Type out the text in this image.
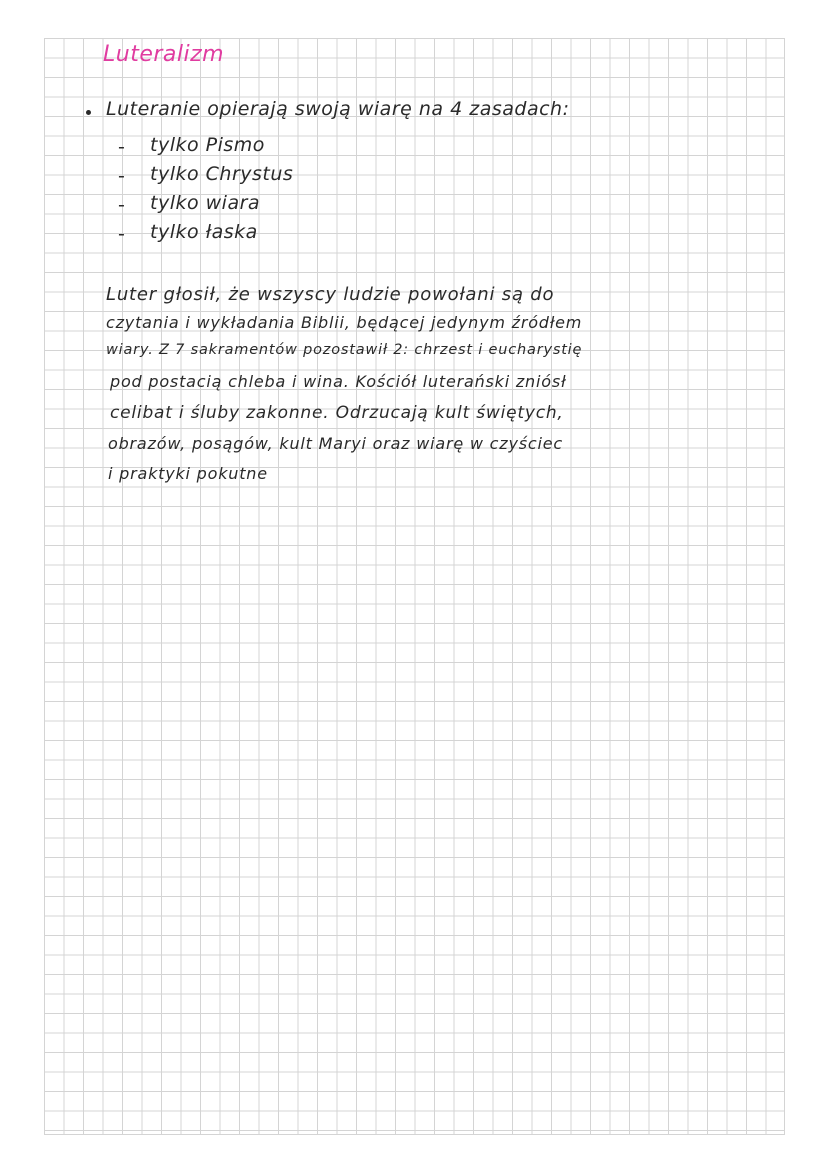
Luteralizm
Luteranie opierają swoją wiarę na 4 zasadach:
- tylko Pismo
- tylko Chrystus
- tylko wiara
- tylko łaska
Luter głosił, że wszyscy ludzie powołani są do
czytania i wykładania Biblii, będącej jedynym źródłem
wiary. Z 7 sakramentów pozostawił 2: chrzest i eucharystię
pod postacią chleba i wina. Kościół luterański zniósł
celibat i śluby zakonne. Odrzucają kult świętych,
obrazów, posągów, kult Maryi oraz wiarę w czyściec
i praktyki pokutne
